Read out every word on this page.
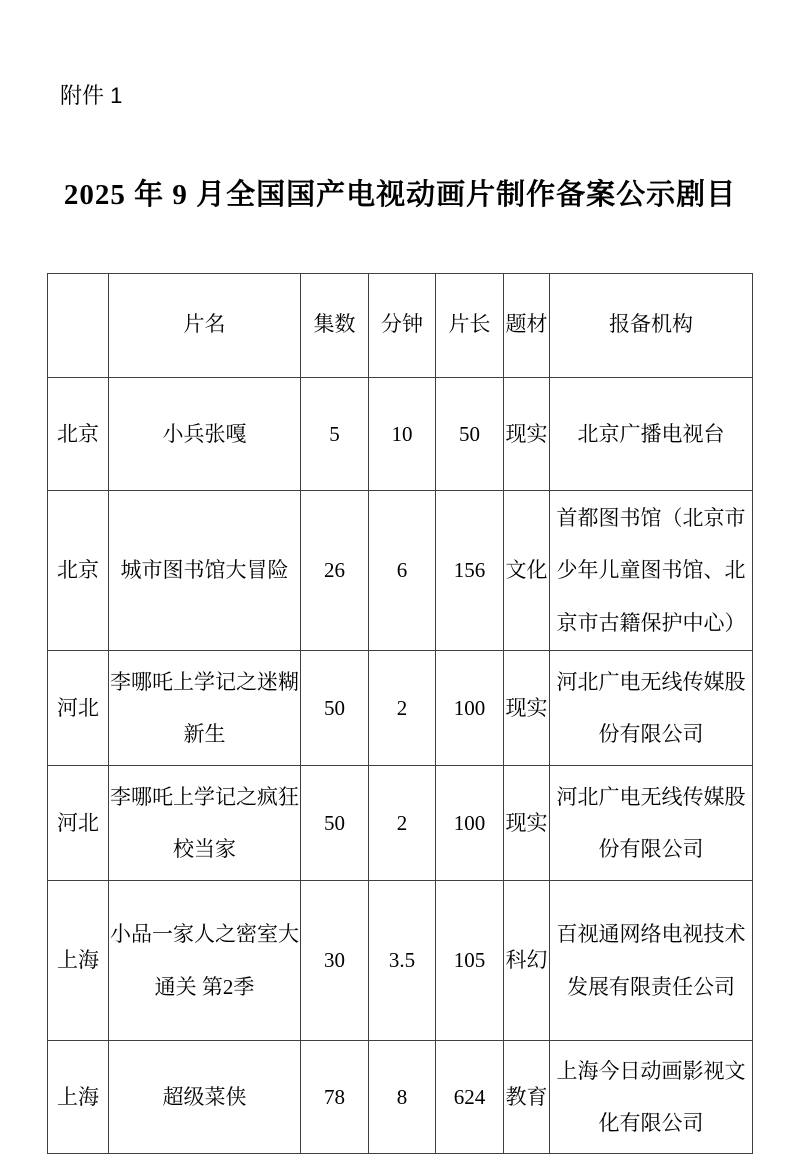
附件 1
2025 年 9 月全国国产电视动画片制作备案公示剧目
	片名	集数	分钟	片长	题材	报备机构
北京	小兵张嘎	5	10	50	现实	北京广播电视台
北京	城市图书馆大冒险	26	6	156	文化	首都图书馆（北京市少年儿童图书馆、北京市古籍保护中心）
河北	李哪吒上学记之迷糊新生	50	2	100	现实	河北广电无线传媒股份有限公司
河北	李哪吒上学记之疯狂校当家	50	2	100	现实	河北广电无线传媒股份有限公司
上海	小品一家人之密室大通关 第2季	30	3.5	105	科幻	百视通网络电视技术发展有限责任公司
上海	超级菜侠	78	8	624	教育	上海今日动画影视文化有限公司
